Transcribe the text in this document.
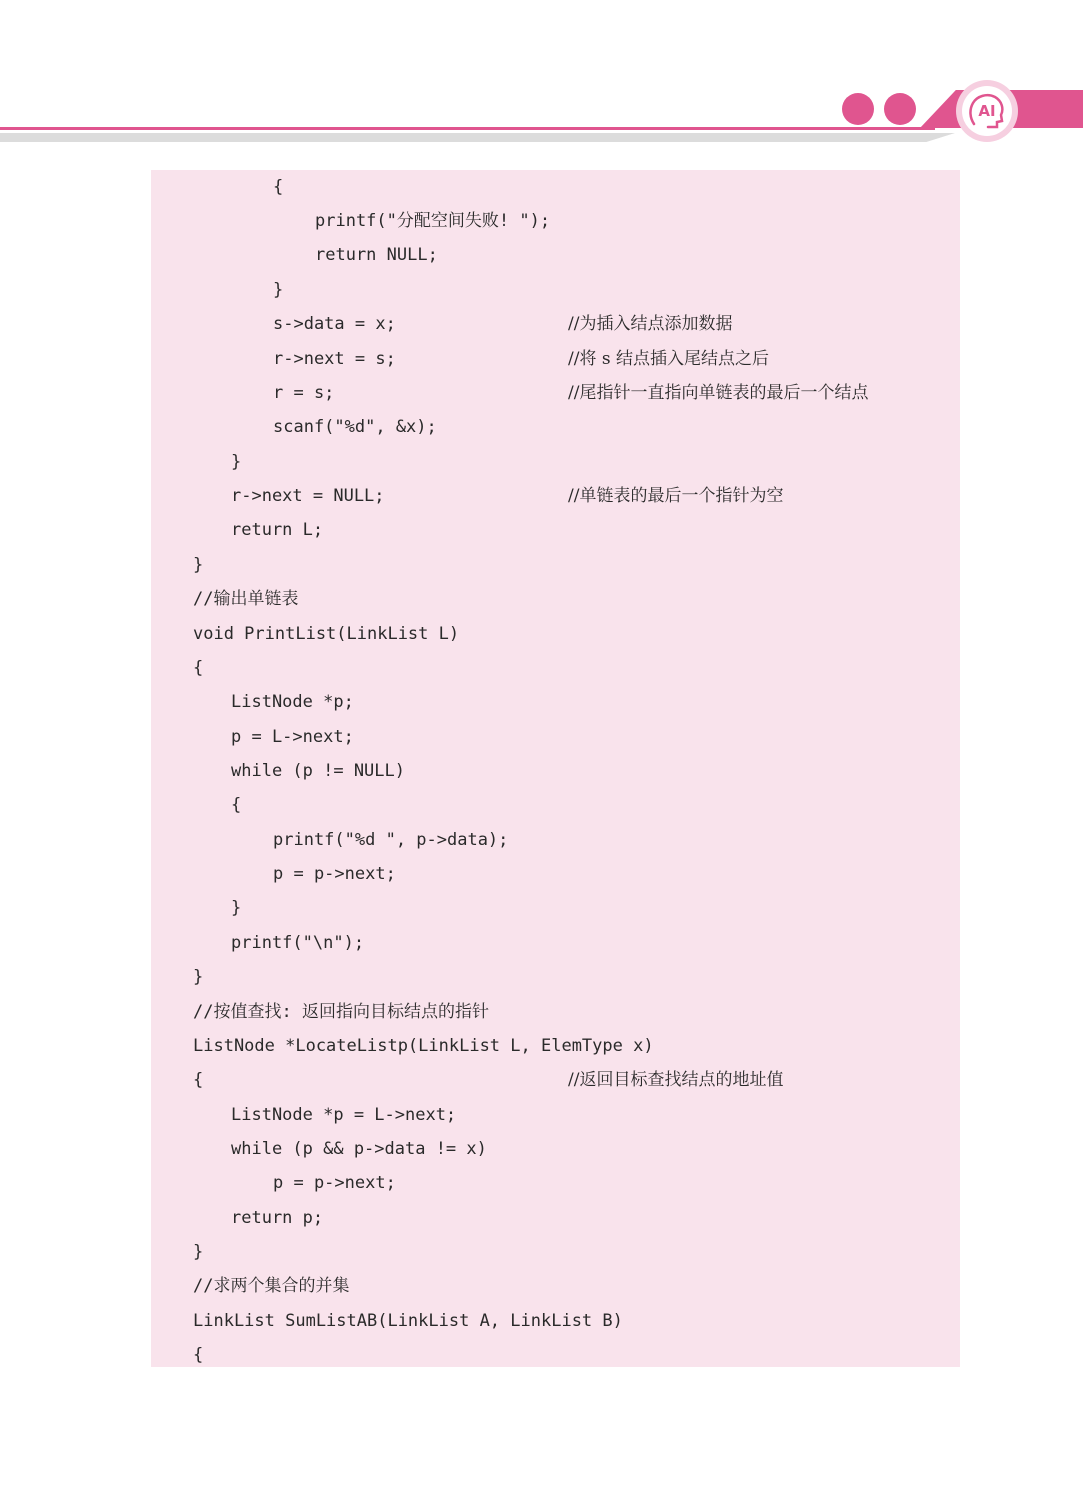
AI
{
printf("分配空间失败! ");
return NULL;
}
s->data = x;
r->next = s;
r = s;
scanf("%d", &x);
}
r->next = NULL;
return L;
}
//输出单链表
void PrintList(LinkList L)
{
ListNode *p;
p = L->next;
while (p != NULL)
{
printf("%d ", p->data);
p = p->next;
}
printf("\n");
}
//按值查找: 返回指向目标结点的指针
ListNode *LocateListp(LinkList L, ElemType x)
{
ListNode *p = L->next;
while (p && p->data != x)
p = p->next;
return p;
}
//求两个集合的并集
LinkList SumListAB(LinkList A, LinkList B)
{
//为插入结点添加数据
//将 s 结点插入尾结点之后
//尾指针一直指向单链表的最后一个结点
//单链表的最后一个指针为空
//返回目标查找结点的地址值
